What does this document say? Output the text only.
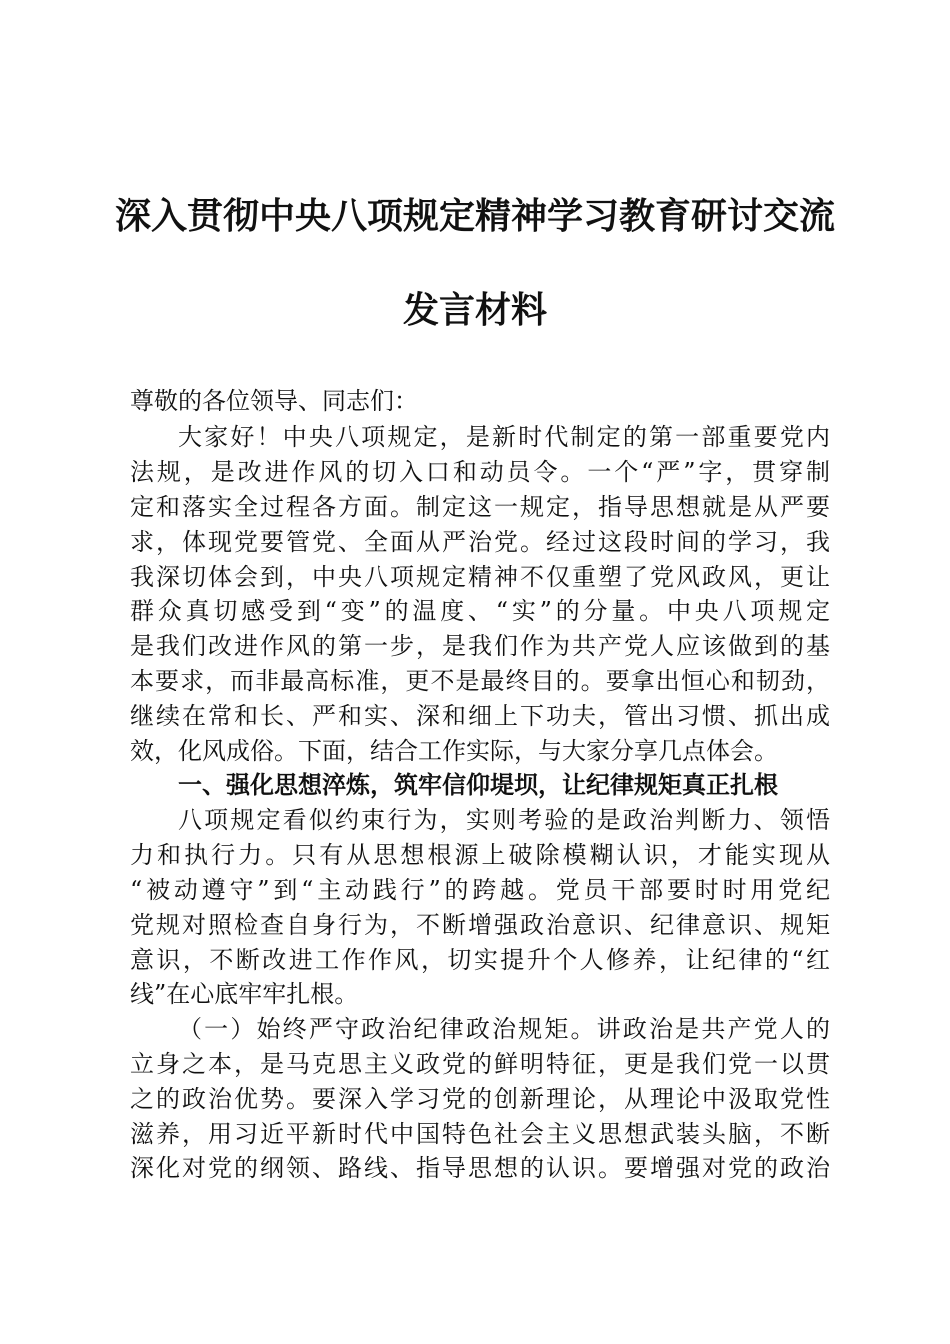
深入贯彻中央八项规定精神学习教育研讨交流
发言材料
尊敬的各位领导、同志们：
大家好！中央八项规定，是新时代制定的第一部重要党内
法规，是改进作风的切入口和动员令。一个“严”字，贯穿制
定和落实全过程各方面。制定这一规定，指导思想就是从严要
求，体现党要管党、全面从严治党。经过这段时间的学习，我
我深切体会到，中央八项规定精神不仅重塑了党风政风，更让
群众真切感受到“变”的温度、“实”的分量。中央八项规定
是我们改进作风的第一步，是我们作为共产党人应该做到的基
本要求，而非最高标准，更不是最终目的。要拿出恒心和韧劲，
继续在常和长、严和实、深和细上下功夫，管出习惯、抓出成
效，化风成俗。下面，结合工作实际，与大家分享几点体会。
一、强化思想淬炼，筑牢信仰堤坝，让纪律规矩真正扎根
八项规定看似约束行为，实则考验的是政治判断力、领悟
力和执行力。只有从思想根源上破除模糊认识，才能实现从
“被动遵守”到“主动践行”的跨越。党员干部要时时用党纪
党规对照检查自身行为，不断增强政治意识、纪律意识、规矩
意识，不断改进工作作风，切实提升个人修养，让纪律的“红
线”在心底牢牢扎根。
（一）始终严守政治纪律政治规矩。讲政治是共产党人的
立身之本，是马克思主义政党的鲜明特征，更是我们党一以贯
之的政治优势。要深入学习党的创新理论，从理论中汲取党性
滋养，用习近平新时代中国特色社会主义思想武装头脑，不断
深化对党的纲领、路线、指导思想的认识。要增强对党的政治
